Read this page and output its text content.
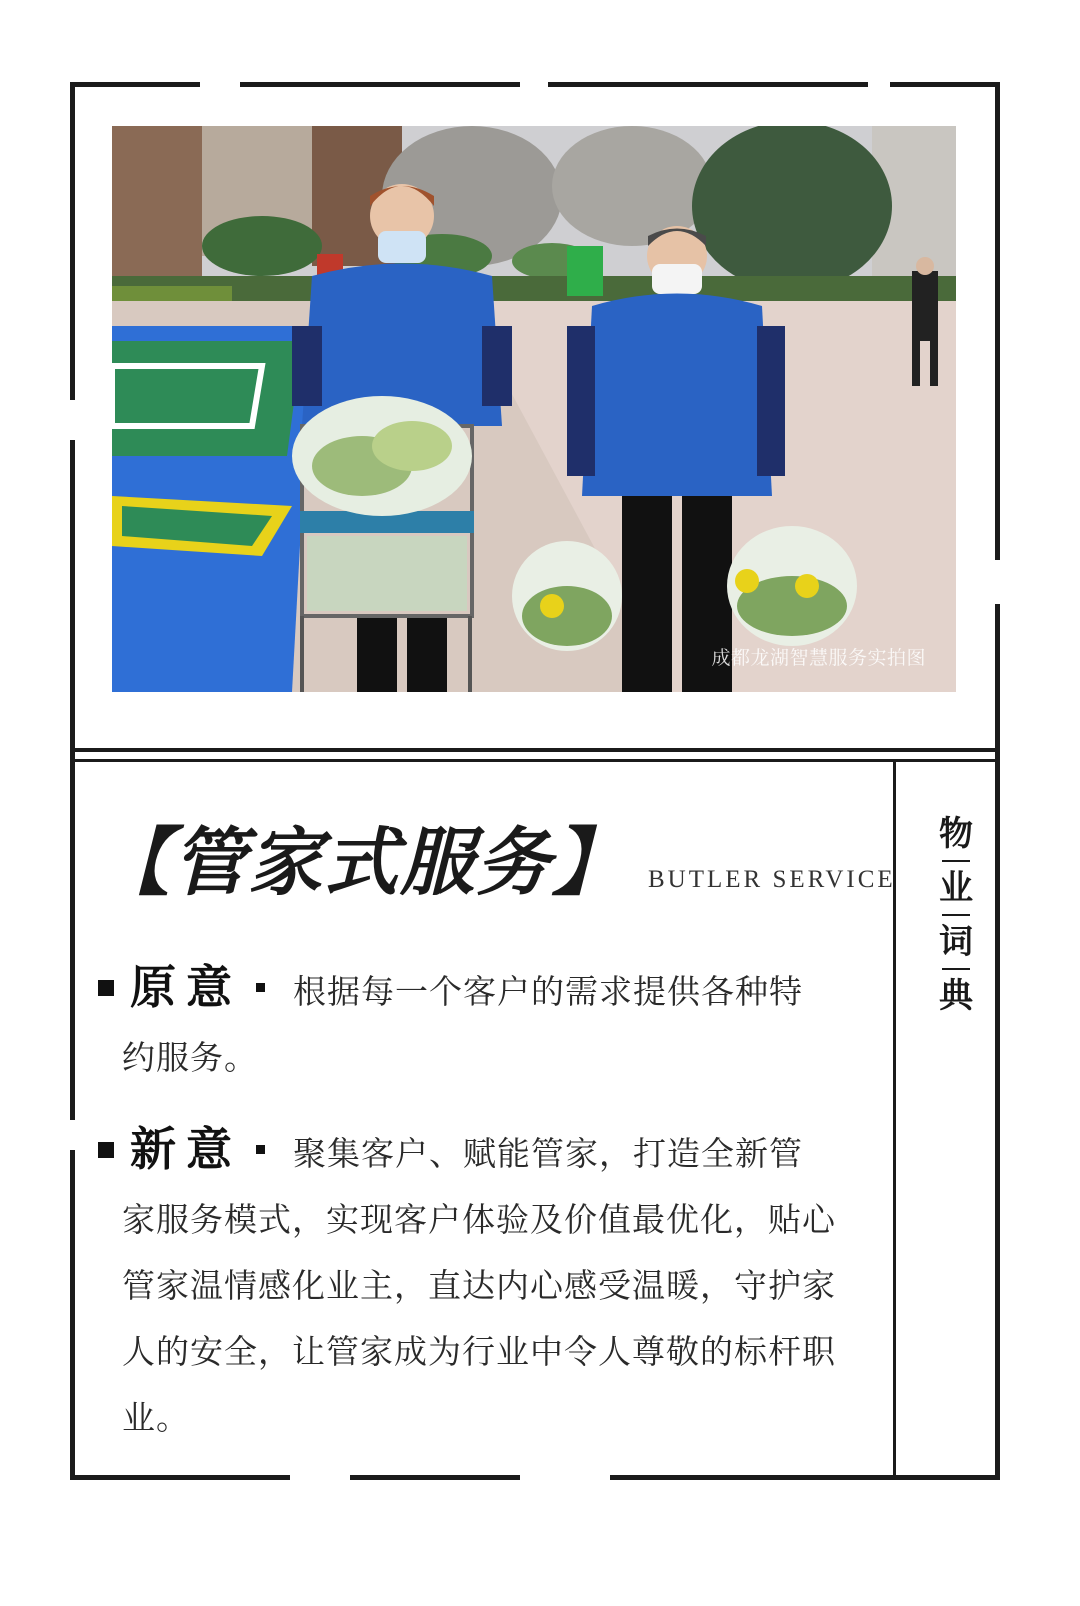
成都龙湖智慧服务实拍图
【管家式服务】 BUTLER SERVICE
原意 根据每一个客户的需求提供各种特
约服务。
新意 聚集客户、赋能管家，打造全新管
家服务模式，实现客户体验及价值最优化，贴心管家温情感化业主，直达内心感受温暖，守护家人的安全，让管家成为行业中令人尊敬的标杆职业。
物
业
词
典
